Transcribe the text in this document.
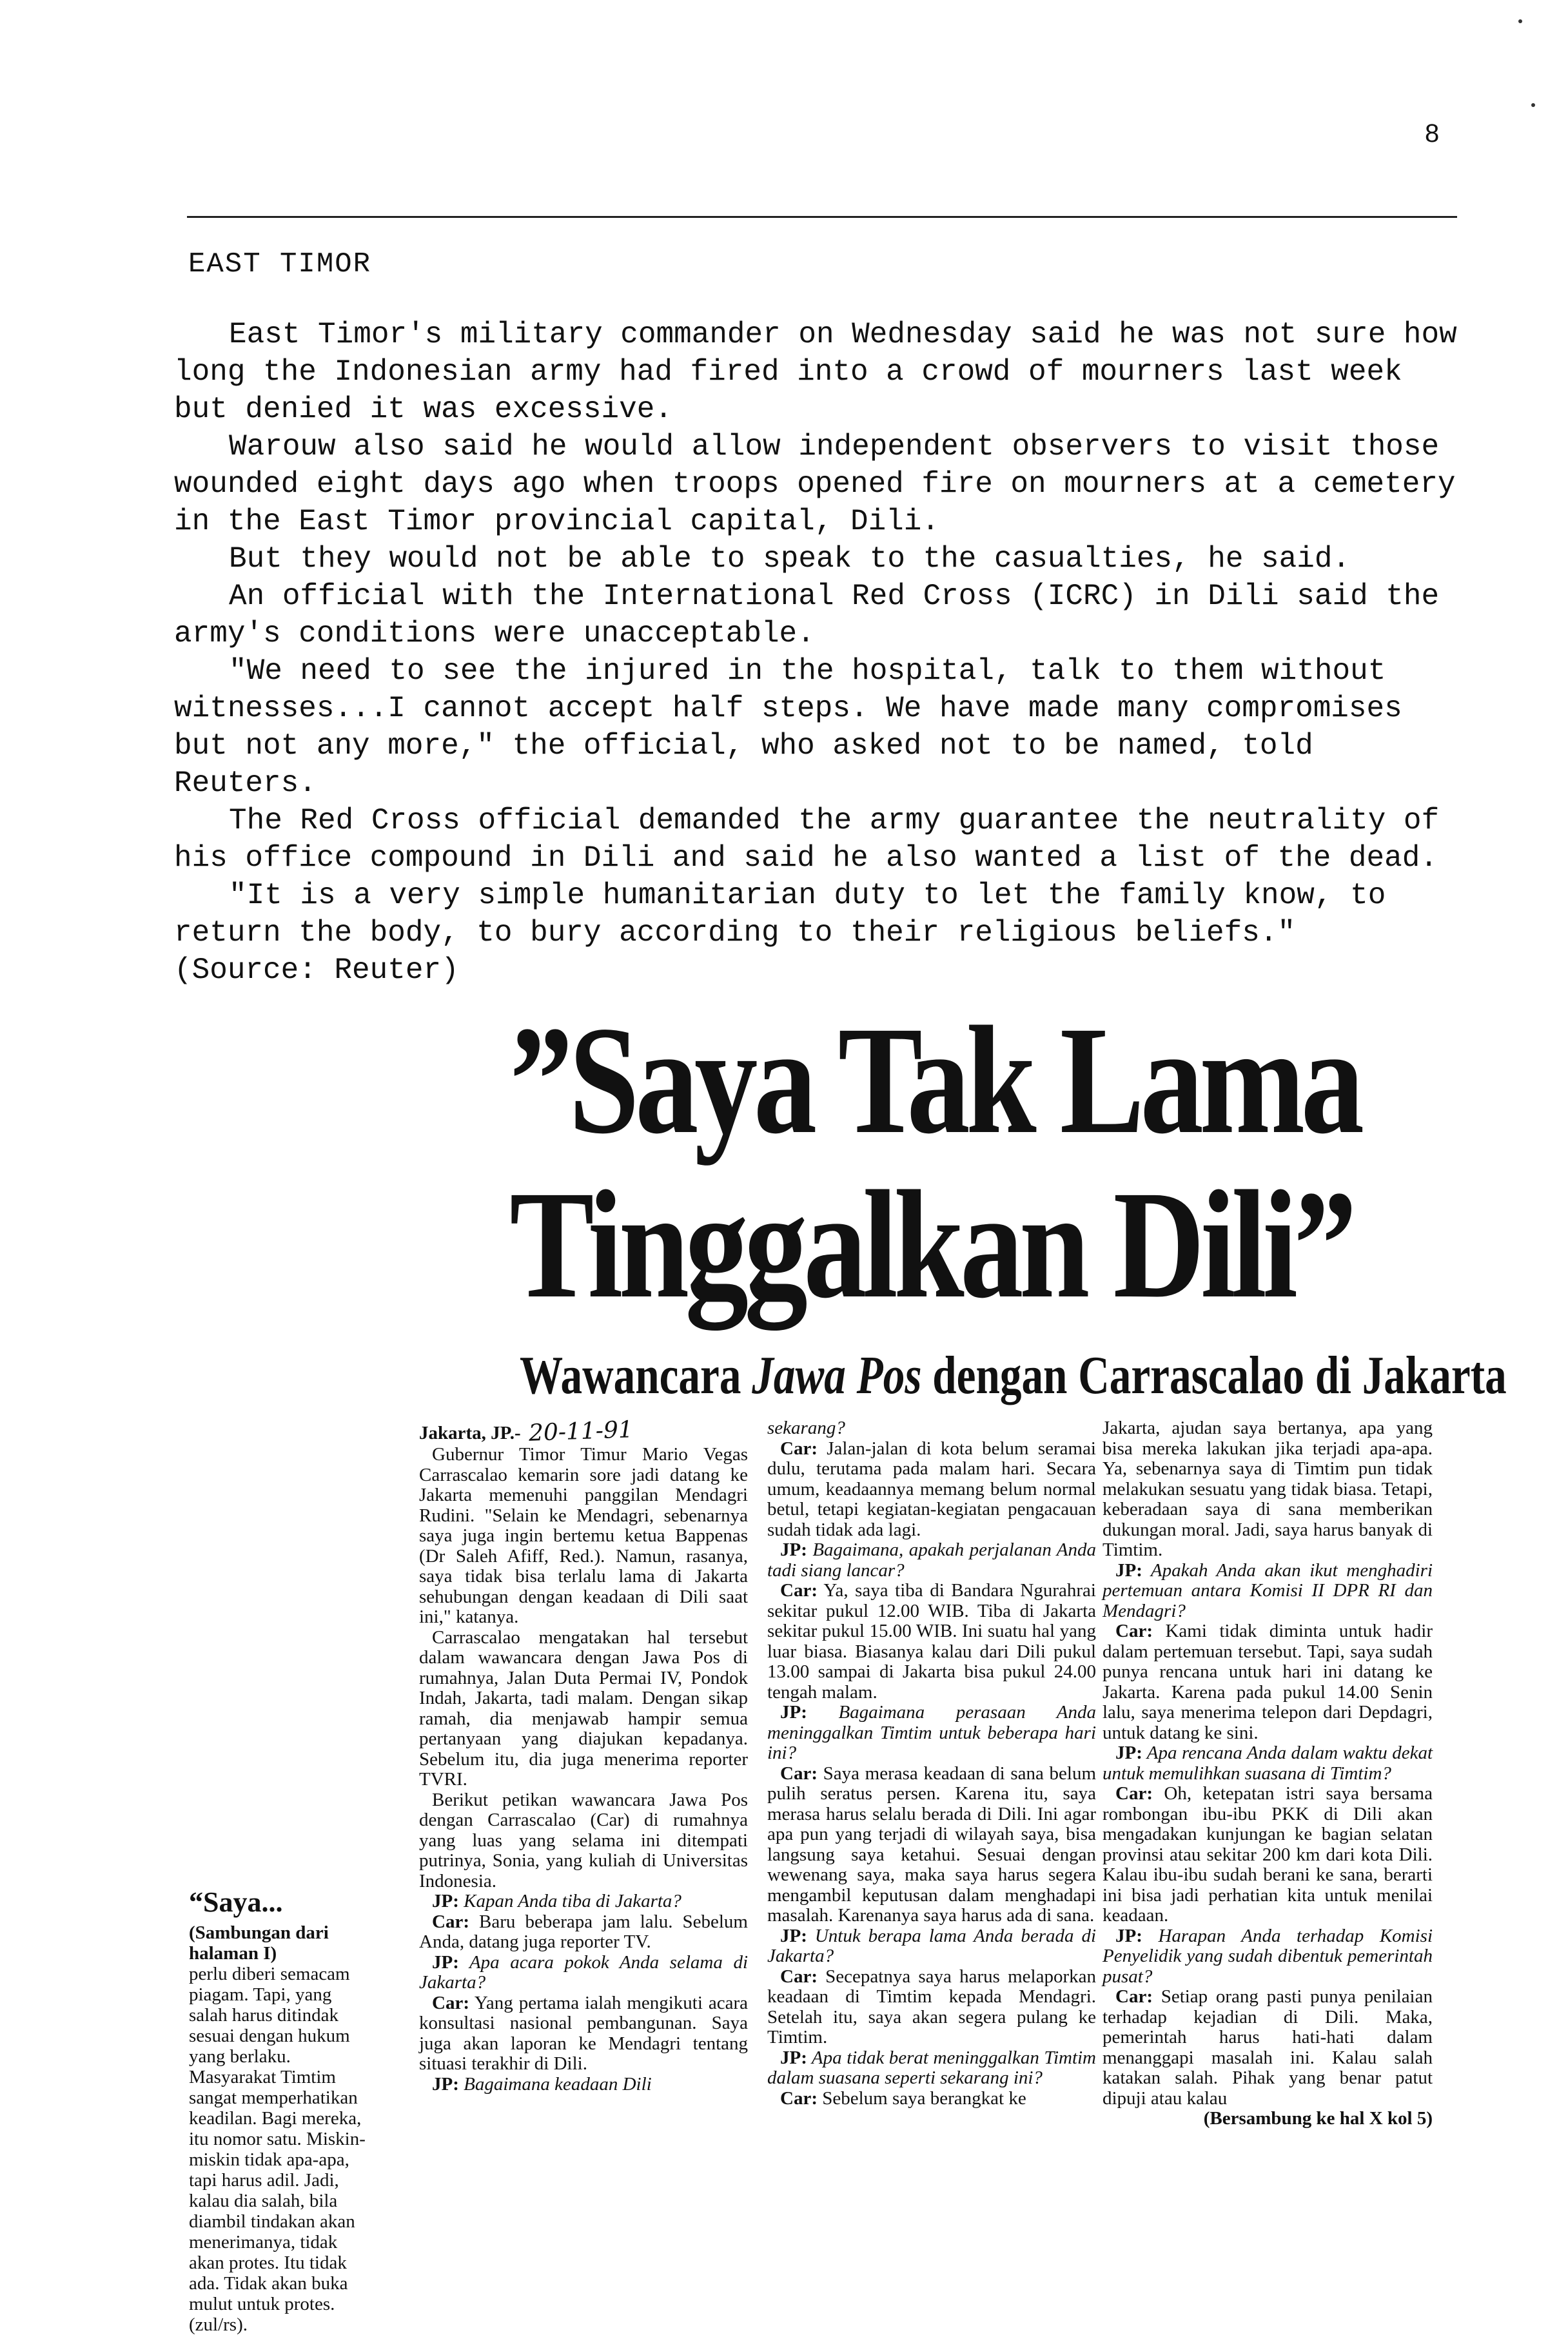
8
EAST TIMOR

East Timor's military commander on Wednesday said he was not sure how long the Indonesian army had fired into a crowd of mourners last week but denied it was excessive.

Warouw also said he would allow independent observers to visit those wounded eight days ago when troops opened fire on mourners at a cemetery in the East Timor provincial capital, Dili.

But they would not be able to speak to the casualties, he said.

An official with the International Red Cross (ICRC) in Dili said the army's conditions were unacceptable.

"We need to see the injured in the hospital, talk to them without witnesses...I cannot accept half steps. We have made many compromises but not any more," the official, who asked not to be named, told Reuters.

The Red Cross official demanded the army guarantee the neutrality of his office compound in Dili and said he also wanted a list of the dead.

"It is a very simple humanitarian duty to let the family know, to return the body, to bury according to their religious beliefs."

(Source: Reuter)

”Saya Tak Lama
Tinggalkan Dili”
Wawancara Jawa Pos dengan Carrascalao di Jakarta

Jakarta, JP.- 20-11-91

Gubernur Timor Timur Mario Vegas Carrascalao kemarin sore jadi datang ke Jakarta memenuhi panggilan Mendagri Rudini. "Selain ke Mendagri, sebenarnya saya juga ingin bertemu ketua Bappenas (Dr Saleh Afiff, Red.). Namun, rasanya, saya tidak bisa terlalu lama di Jakarta sehubungan dengan keadaan di Dili saat ini," katanya.

Carrascalao mengatakan hal tersebut dalam wawancara dengan Jawa Pos di rumahnya, Jalan Duta Permai IV, Pondok Indah, Jakarta, tadi malam. Dengan sikap ramah, dia menjawab hampir semua pertanyaan yang diajukan kepadanya. Sebelum itu, dia juga menerima reporter TVRI.

Berikut petikan wawancara Jawa Pos dengan Carrascalao (Car) di rumahnya yang luas yang selama ini ditempati putrinya, Sonia, yang kuliah di Universitas Indonesia.

JP: Kapan Anda tiba di Jakarta?

Car: Baru beberapa jam lalu. Sebelum Anda, datang juga reporter TV.

JP: Apa acara pokok Anda selama di Jakarta?

Car: Yang pertama ialah mengikuti acara konsultasi nasional pembangunan. Saya juga akan laporan ke Mendagri tentang situasi terakhir di Dili.

JP: Bagaimana keadaan Dili

sekarang?

Car: Jalan-jalan di kota belum seramai dulu, terutama pada malam hari. Secara umum, keadaannya memang belum normal betul, tetapi kegiatan-kegiatan pengacauan sudah tidak ada lagi.

JP: Bagaimana, apakah perjalanan Anda tadi siang lancar?

Car: Ya, saya tiba di Bandara Ngurahrai sekitar pukul 12.00 WIB. Tiba di Jakarta sekitar pukul 15.00 WIB. Ini suatu hal yang luar biasa. Biasanya kalau dari Dili pukul 13.00 sampai di Jakarta bisa pukul 24.00 tengah malam.

JP: Bagaimana perasaan Anda meninggalkan Timtim untuk beberapa hari ini?

Car: Saya merasa keadaan di sana belum pulih seratus persen. Karena itu, saya merasa harus selalu berada di Dili. Ini agar apa pun yang terjadi di wilayah saya, bisa langsung saya ketahui. Sesuai dengan wewenang saya, maka saya harus segera mengambil keputusan dalam menghadapi masalah. Karenanya saya harus ada di sana.

JP: Untuk berapa lama Anda berada di Jakarta?

Car: Secepatnya saya harus melaporkan keadaan di Timtim kepada Mendagri. Setelah itu, saya akan segera pulang ke Timtim.

JP: Apa tidak berat meninggalkan Timtim dalam suasana seperti sekarang ini?

Car: Sebelum saya berangkat ke

Jakarta, ajudan saya bertanya, apa yang bisa mereka lakukan jika terjadi apa-apa. Ya, sebenarnya saya di Timtim pun tidak melakukan sesuatu yang tidak biasa. Tetapi, keberadaan saya di sana memberikan dukungan moral. Jadi, saya harus banyak di Timtim.

JP: Apakah Anda akan ikut menghadiri pertemuan antara Komisi II DPR RI dan Mendagri?

Car: Kami tidak diminta untuk hadir dalam pertemuan tersebut. Tapi, saya sudah punya rencana untuk hari ini datang ke Jakarta. Karena pada pukul 14.00 Senin lalu, saya menerima telepon dari Depdagri, untuk datang ke sini.

JP: Apa rencana Anda dalam waktu dekat untuk memulihkan suasana di Timtim?

Car: Oh, ketepatan istri saya bersama rombongan ibu-ibu PKK di Dili akan mengadakan kunjungan ke bagian selatan provinsi atau sekitar 200 km dari kota Dili. Kalau ibu-ibu sudah berani ke sana, berarti ini bisa jadi perhatian kita untuk menilai keadaan.

JP: Harapan Anda terhadap Komisi Penyelidik yang sudah dibentuk pemerintah pusat?

Car: Setiap orang pasti punya penilaian terhadap kejadian di Dili. Maka, pemerintah harus hati-hati dalam menanggapi masalah ini. Kalau salah katakan salah. Pihak yang benar patut dipuji atau kalau

(Bersambung ke hal X kol 5)

“Saya...

(Sambungan dari halaman I)

perlu diberi semacam piagam. Tapi, yang salah harus ditindak sesuai dengan hukum yang berlaku. Masyarakat Timtim sangat memperhatikan keadilan. Bagi mereka, itu nomor satu. Miskin-miskin tidak apa-apa, tapi harus adil. Jadi, kalau dia salah, bila diambil tindakan akan menerimanya, tidak akan protes. Itu tidak ada. Tidak akan buka mulut untuk protes. (zul/rs).
